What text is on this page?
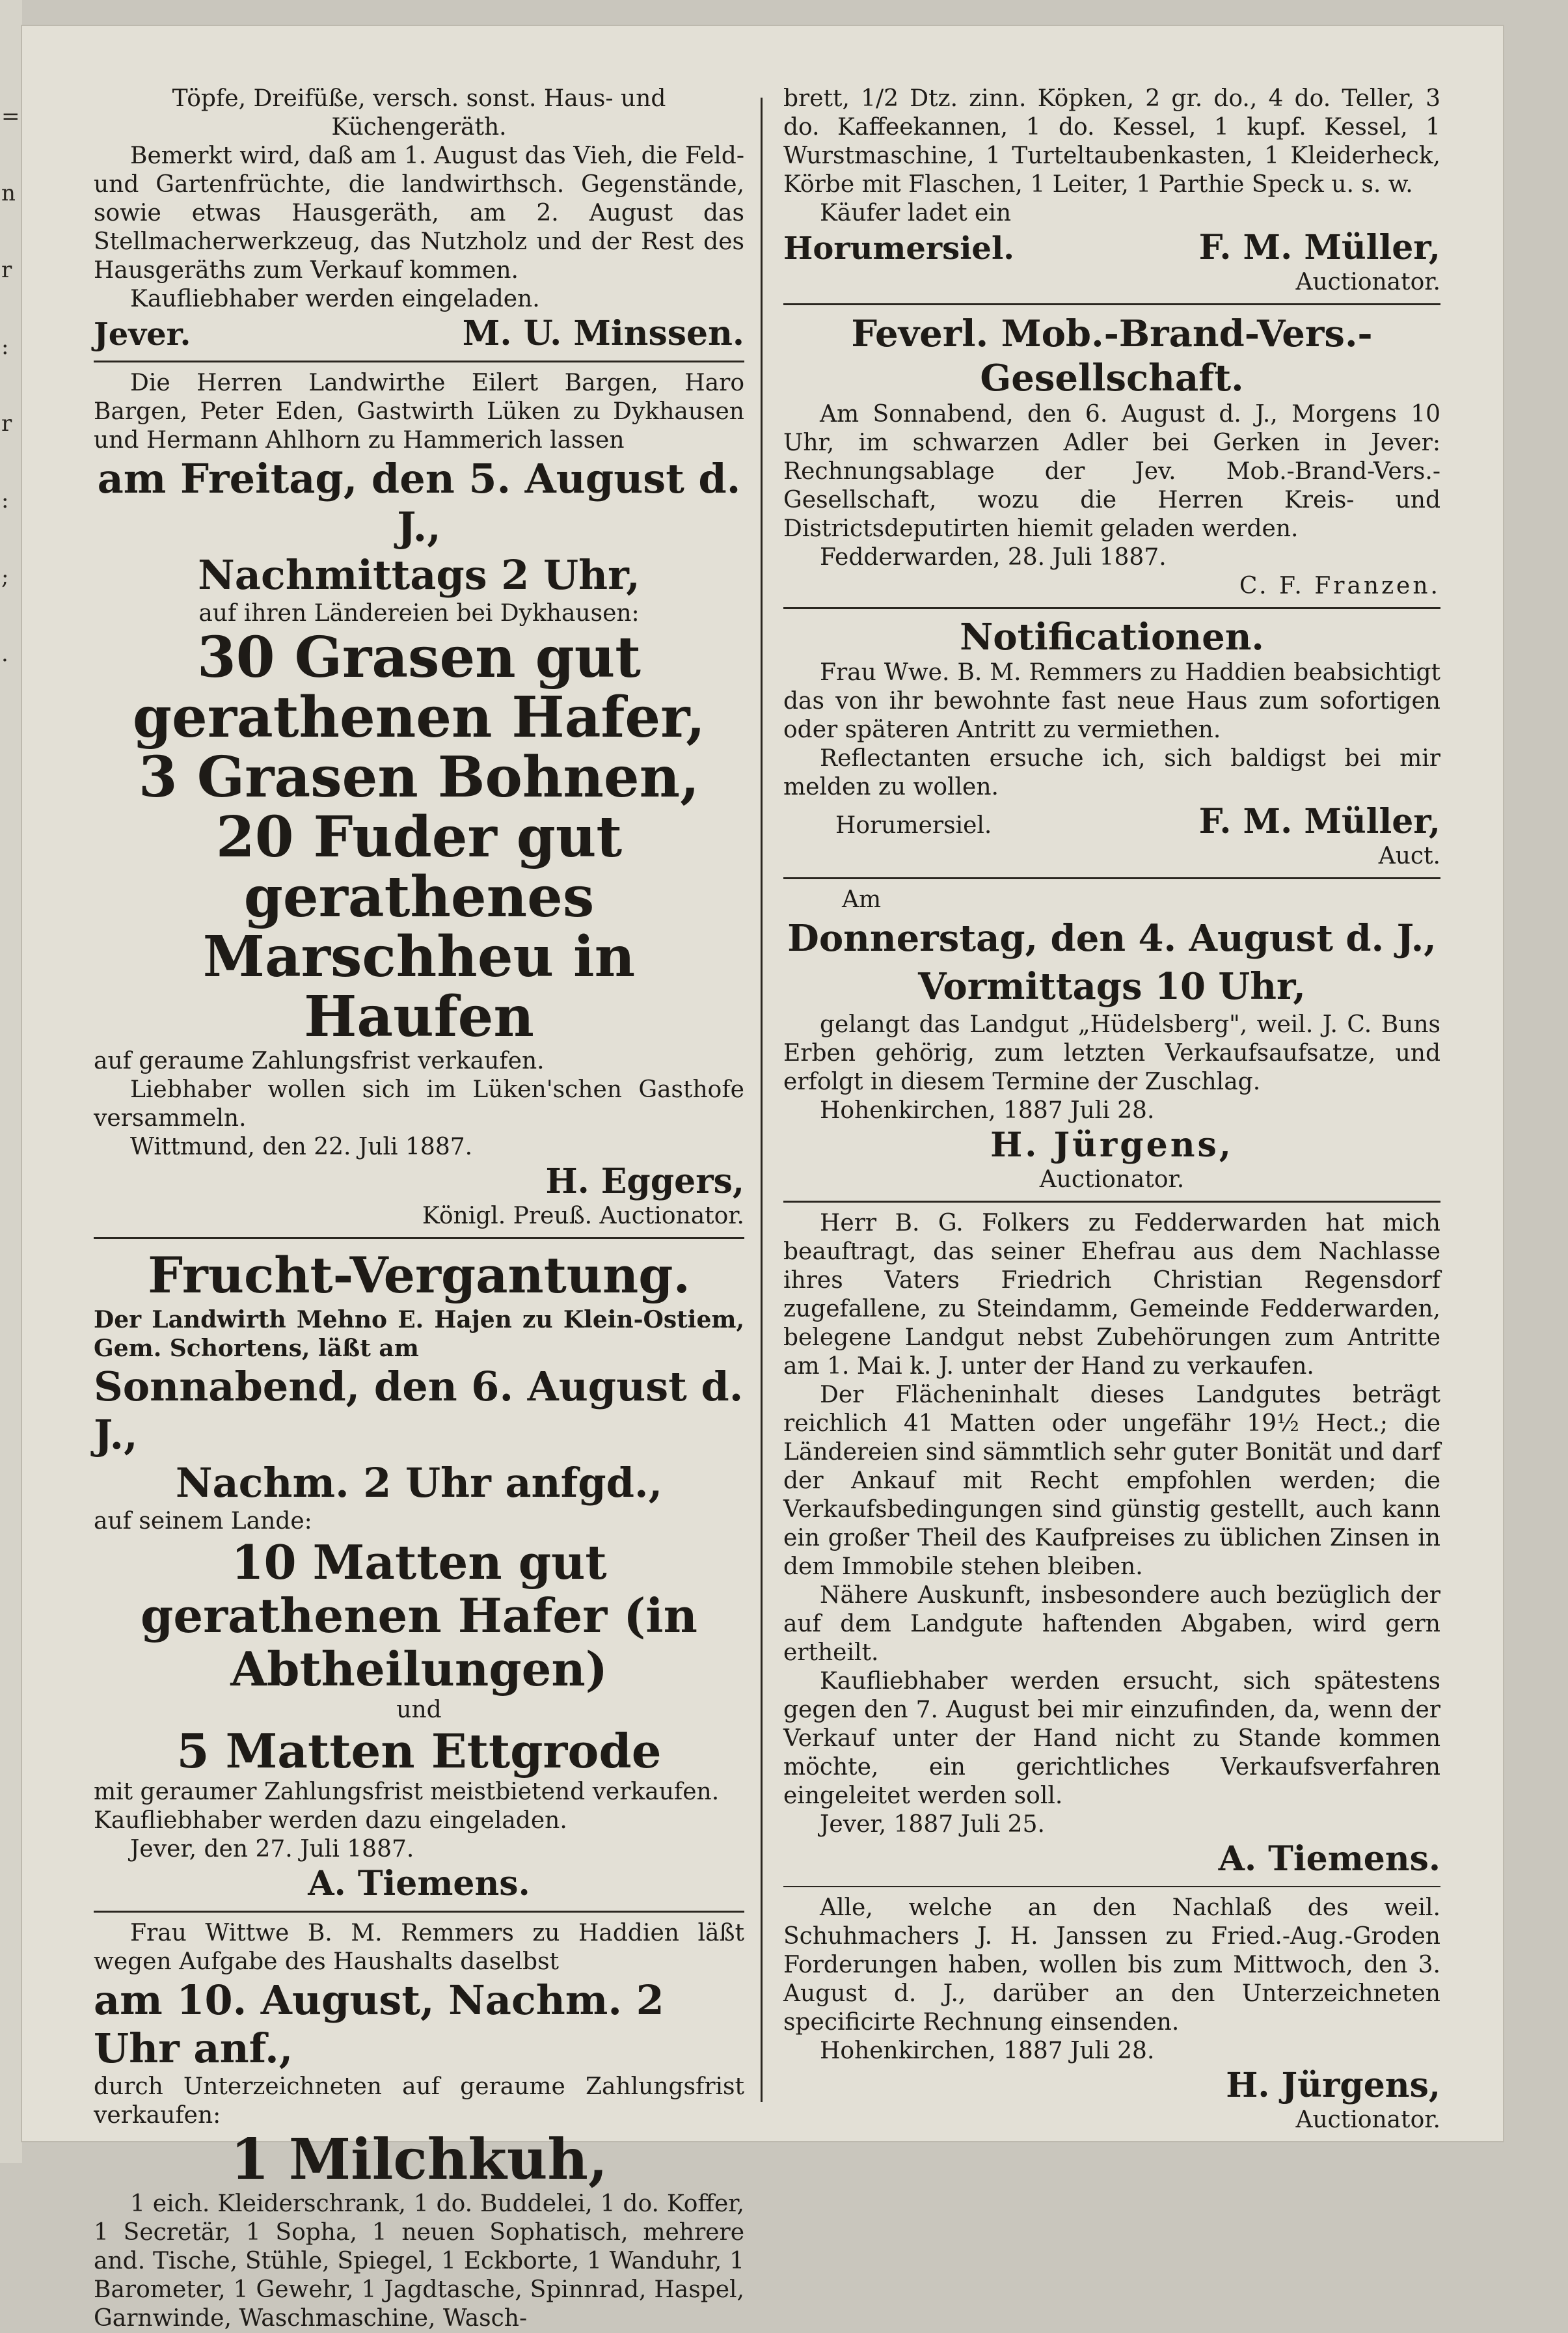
= n r : r : ; .

Töpfe, Dreifüße, versch. sonst. Haus- und Küchengeräth.

Bemerkt wird, daß am 1. August das Vieh, die Feld- und Gartenfrüchte, die landwirthsch. Gegenstände, sowie etwas Hausgeräth, am 2. August das Stellmacherwerkzeug, das Nutzholz und der Rest des Hausgeräths zum Verkauf kommen.

Kaufliebhaber werden eingeladen.

Jever.	M. U. Minssen.

Die Herren Landwirthe Eilert Bargen, Haro Bargen, Peter Eden, Gastwirth Lüken zu Dykhausen und Hermann Ahlhorn zu Hammerich lassen

am Freitag, den 5. August d. J.,

Nachmittags 2 Uhr,

auf ihren Ländereien bei Dykhausen:

30 Grasen gut gerathenen Hafer,

3 Grasen Bohnen,

20 Fuder gut gerathenes Marschheu in Haufen

auf geraume Zahlungsfrist verkaufen.

Liebhaber wollen sich im Lüken'schen Gasthofe versammeln.

Wittmund, den 22. Juli 1887.

H. Eggers,

Königl. Preuß. Auctionator.

Frucht-Vergantung.

Der Landwirth Mehno E. Hajen zu Klein-Ostiem, Gem. Schortens, läßt am

Sonnabend, den 6. August d. J.,

Nachm. 2 Uhr anfgd.,

auf seinem Lande:

10 Matten gut gerathenen Hafer (in Abtheilungen)

und

5 Matten Ettgrode

mit geraumer Zahlungsfrist meistbietend verkaufen.

Kaufliebhaber werden dazu eingeladen.

Jever, den 27. Juli 1887.

A. Tiemens.

Frau Wittwe B. M. Remmers zu Haddien läßt wegen Aufgabe des Haushalts daselbst

am 10. August, Nachm. 2 Uhr anf.,

durch Unterzeichneten auf geraume Zahlungsfrist verkaufen:

1 Milchkuh,

1 eich. Kleiderschrank, 1 do. Buddelei, 1 do. Koffer, 1 Secretär, 1 Sopha, 1 neuen Sophatisch, mehrere and. Tische, Stühle, Spiegel, 1 Eckborte, 1 Wanduhr, 1 Barometer, 1 Gewehr, 1 Jagdtasche, Spinnrad, Haspel, Garnwinde, Waschmaschine, Wasch-

brett, 1/2 Dtz. zinn. Köpken, 2 gr. do., 4 do. Teller, 3 do. Kaffeekannen, 1 do. Kessel, 1 kupf. Kessel, 1 Wurstmaschine, 1 Turteltaubenkasten, 1 Kleiderheck, Körbe mit Flaschen, 1 Leiter, 1 Parthie Speck u. s. w.

Käufer ladet ein

Horumersiel.	F. M. Müller,

Auctionator.

Feverl. Mob.-Brand-Vers.-Gesellschaft.

Am Sonnabend, den 6. August d. J., Morgens 10 Uhr, im schwarzen Adler bei Gerken in Jever: Rechnungsablage der Jev. Mob.-Brand-Vers.-Gesellschaft, wozu die Herren Kreis- und Districtsdeputirten hiemit geladen werden.

Fedderwarden, 28. Juli 1887.

C. F. Franzen.

Notificationen.

Frau Wwe. B. M. Remmers zu Haddien beabsichtigt das von ihr bewohnte fast neue Haus zum sofortigen oder späteren Antritt zu vermiethen.

Reflectanten ersuche ich, sich baldigst bei mir melden zu wollen.

Horumersiel.	F. M. Müller,

Auct.

Am

Donnerstag, den 4. August d. J.,

Vormittags 10 Uhr,

gelangt das Landgut „Hüdelsberg", weil. J. C. Buns Erben gehörig, zum letzten Verkaufsaufsatze, und erfolgt in diesem Termine der Zuschlag.

Hohenkirchen, 1887 Juli 28.

H. Jürgens,

Auctionator.

Herr B. G. Folkers zu Fedderwarden hat mich beauftragt, das seiner Ehefrau aus dem Nachlasse ihres Vaters Friedrich Christian Regensdorf zugefallene, zu Steindamm, Gemeinde Fedderwarden, belegene Landgut nebst Zubehörungen zum Antritte am 1. Mai k. J. unter der Hand zu verkaufen.

Der Flächeninhalt dieses Landgutes beträgt reichlich 41 Matten oder ungefähr 19½ Hect.; die Ländereien sind sämmtlich sehr guter Bonität und darf der Ankauf mit Recht empfohlen werden; die Verkaufsbedingungen sind günstig gestellt, auch kann ein großer Theil des Kaufpreises zu üblichen Zinsen in dem Immobile stehen bleiben.

Nähere Auskunft, insbesondere auch bezüglich der auf dem Landgute haftenden Abgaben, wird gern ertheilt.

Kaufliebhaber werden ersucht, sich spätestens gegen den 7. August bei mir einzufinden, da, wenn der Verkauf unter der Hand nicht zu Stande kommen möchte, ein gerichtliches Verkaufsverfahren eingeleitet werden soll.

Jever, 1887 Juli 25.

A. Tiemens.

Alle, welche an den Nachlaß des weil. Schuhmachers J. H. Janssen zu Fried.-Aug.-Groden Forderungen haben, wollen bis zum Mittwoch, den 3. August d. J., darüber an den Unterzeichneten specificirte Rechnung einsenden.

Hohenkirchen, 1887 Juli 28.

H. Jürgens,

Auctionator.
